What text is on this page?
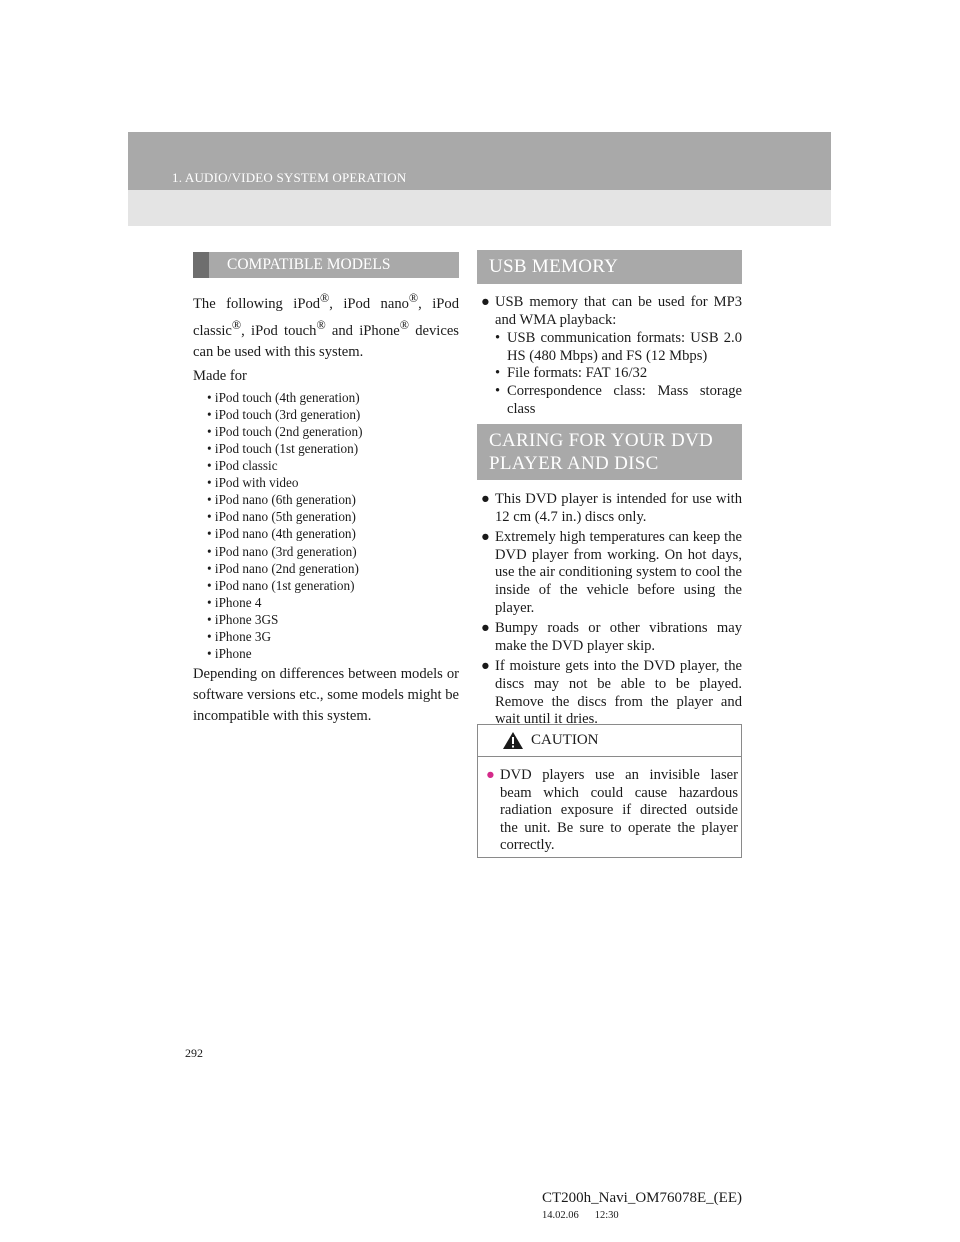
1. AUDIO/VIDEO SYSTEM OPERATION
COMPATIBLE MODELS

The following iPod®, iPod nano®, iPod classic®, iPod touch® and iPhone® devices can be used with this system.

Made for

• iPod touch (4th generation)
• iPod touch (3rd generation)
• iPod touch (2nd generation)
• iPod touch (1st generation)
• iPod classic
• iPod with video
• iPod nano (6th generation)
• iPod nano (5th generation)
• iPod nano (4th generation)
• iPod nano (3rd generation)
• iPod nano (2nd generation)
• iPod nano (1st generation)
• iPhone 4
• iPhone 3GS
• iPhone 3G
• iPhone

Depending on differences between models or software versions etc., some models might be incompatible with this system.

USB MEMORY
● USB memory that can be used for MP3 and WMA playback:
• USB communication formats: USB 2.0 HS (480 Mbps) and FS (12 Mbps)
• File formats: FAT 16/32
• Correspondence class: Mass storage class
CARING FOR YOUR DVD
PLAYER AND DISC
● This DVD player is intended for use with 12 cm (4.7 in.) discs only.
● Extremely high temperatures can keep the DVD player from working. On hot days, use the air conditioning system to cool the inside of the vehicle before using the player.
● Bumpy roads or other vibrations may make the DVD player skip.
● If moisture gets into the DVD player, the discs may not be able to be played. Remove the discs from the player and wait until it dries.
CAUTION
● DVD players use an invisible laser beam which could cause hazardous radiation exposure if directed outside the unit. Be sure to operate the player correctly.
292
CT200h_Navi_OM76078E_(EE)
14.02.06 12:30
